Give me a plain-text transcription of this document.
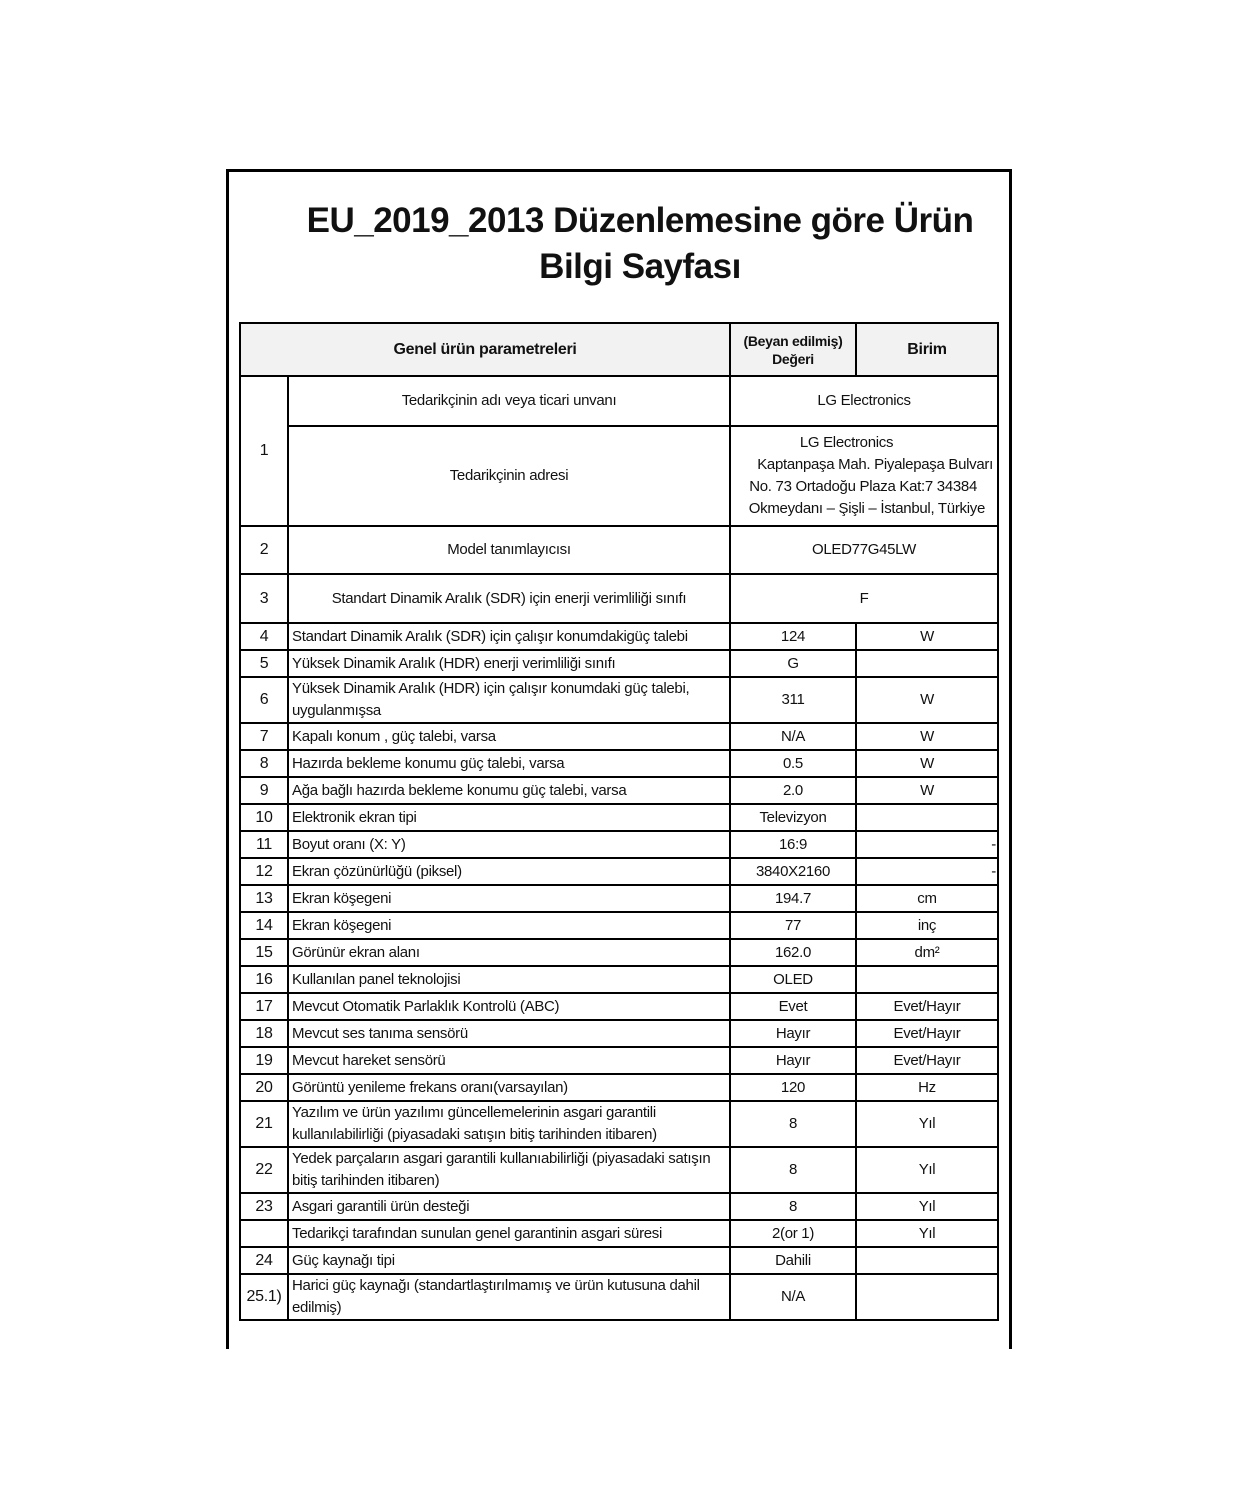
EU_2019_2013 Düzenlemesine göre Ürün
Bilgi Sayfası
Genel ürün parametreleri		(Beyan edilmiş)
Değeri	Birim
1	Tedarikçinin adı veya ticari unvanı	LG Electronics	
	Tedarikçinin adresi	LG Electronics
Kaptanpaşa Mah. Piyalepaşa Bulvarı
No. 73 Ortadoğu Plaza Kat:7 34384
Okmeydanı – Şişli – İstanbul, Türkiye	

2	Model tanımlayıcısı	OLED77G45LW	
3	Standart Dinamik Aralık (SDR) için enerji verimliliği sınıfı	F	
4	Standart Dinamik Aralık (SDR) için çalışır konumdakigüç talebi	124	W
5	Yüksek Dinamik Aralık (HDR) enerji verimliliği sınıfı	G	
6	Yüksek Dinamik Aralık (HDR) için çalışır konumdaki güç talebi, uygulanmışsa	311	W
7	Kapalı konum , güç talebi, varsa	N/A	W
8	Hazırda bekleme konumu güç talebi, varsa	0.5	W
9	Ağa bağlı hazırda bekleme konumu güç talebi, varsa	2.0	W
10	Elektronik ekran tipi	Televizyon	
11	Boyut oranı (X: Y)	16:9	-
12	Ekran çözünürlüğü (piksel)	3840X2160	-
13	Ekran köşegeni	194.7	cm
14	Ekran köşegeni	77	inç
15	Görünür ekran alanı	162.0	dm²
16	Kullanılan panel teknolojisi	OLED	
17	Mevcut Otomatik Parlaklık Kontrolü (ABC)	Evet	Evet/Hayır
18	Mevcut ses tanıma sensörü	Hayır	Evet/Hayır
19	Mevcut hareket sensörü	Hayır	Evet/Hayır
20	Görüntü yenileme frekans oranı(varsayılan)	120	Hz
21	Yazılım ve ürün yazılımı güncellemelerinin asgari garantili kullanılabilirliği (piyasadaki satışın bitiş tarihinden itibaren)	8	Yıl
22	Yedek parçaların asgari garantili kullanıabilirliği (piyasadaki satışın bitiş tarihinden itibaren)	8	Yıl
23	Asgari garantili ürün desteği	8	Yıl
	Tedarikçi tarafından sunulan genel garantinin asgari süresi	2(or 1)	Yıl
24	Güç kaynağı tipi	Dahili	
25.1)	Harici güç kaynağı (standartlaştırılmamış ve ürün kutusuna dahil edilmiş)	N/A	
